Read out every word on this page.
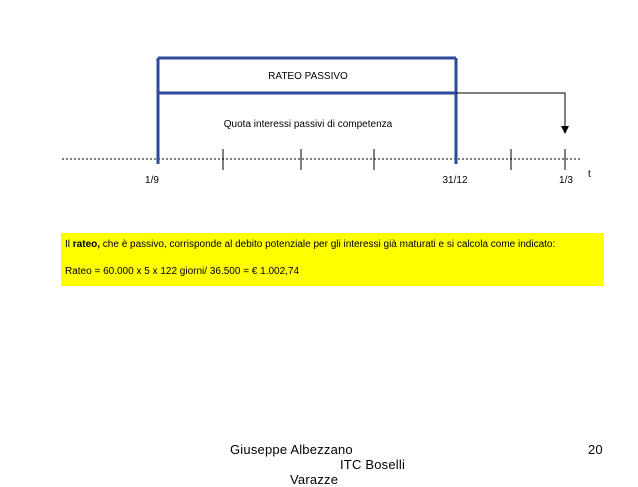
RATEO PASSIVO
Quota interessi passivi di competenza
1/9	31/12	1/3
t
Il rateo, che è passivo, corrisponde al debito potenziale per gli interessi già maturati e si calcola come indicato:
Rateo = 60.000 x 5 x 122 giorni/ 36.500 = € 1.002,74
Giuseppe Albezzano
ITC Boselli
Varazze
20
